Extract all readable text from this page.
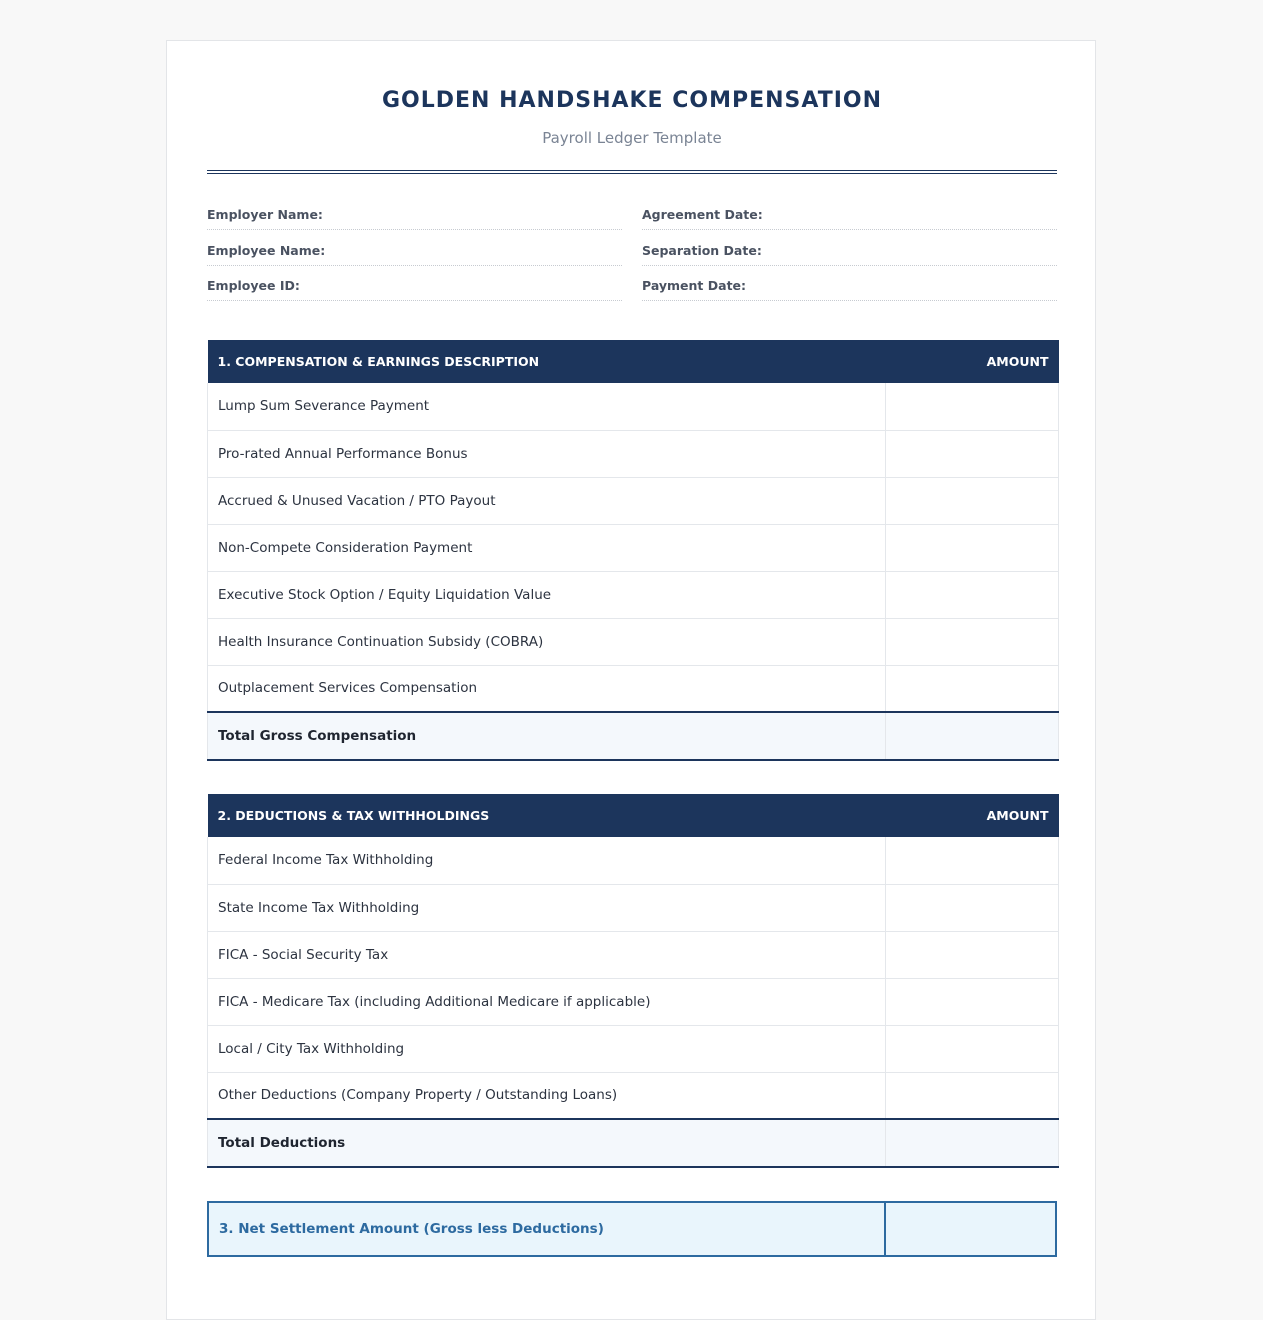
GOLDEN HANDSHAKE COMPENSATION
Payroll Ledger Template
Employer Name:	Agreement Date:
Employee Name:	Separation Date:
Employee ID:	Payment Date:
1. COMPENSATION & EARNINGS DESCRIPTION	AMOUNT
Lump Sum Severance Payment	
Pro-rated Annual Performance Bonus	
Accrued & Unused Vacation / PTO Payout	
Non-Compete Consideration Payment	
Executive Stock Option / Equity Liquidation Value	
Health Insurance Continuation Subsidy (COBRA)	
Outplacement Services Compensation	
Total Gross Compensation	
2. DEDUCTIONS & TAX WITHHOLDINGS	AMOUNT
Federal Income Tax Withholding	
State Income Tax Withholding	
FICA - Social Security Tax	
FICA - Medicare Tax (including Additional Medicare if applicable)	
Local / City Tax Withholding	
Other Deductions (Company Property / Outstanding Loans)	
Total Deductions	
3. Net Settlement Amount (Gross less Deductions)
